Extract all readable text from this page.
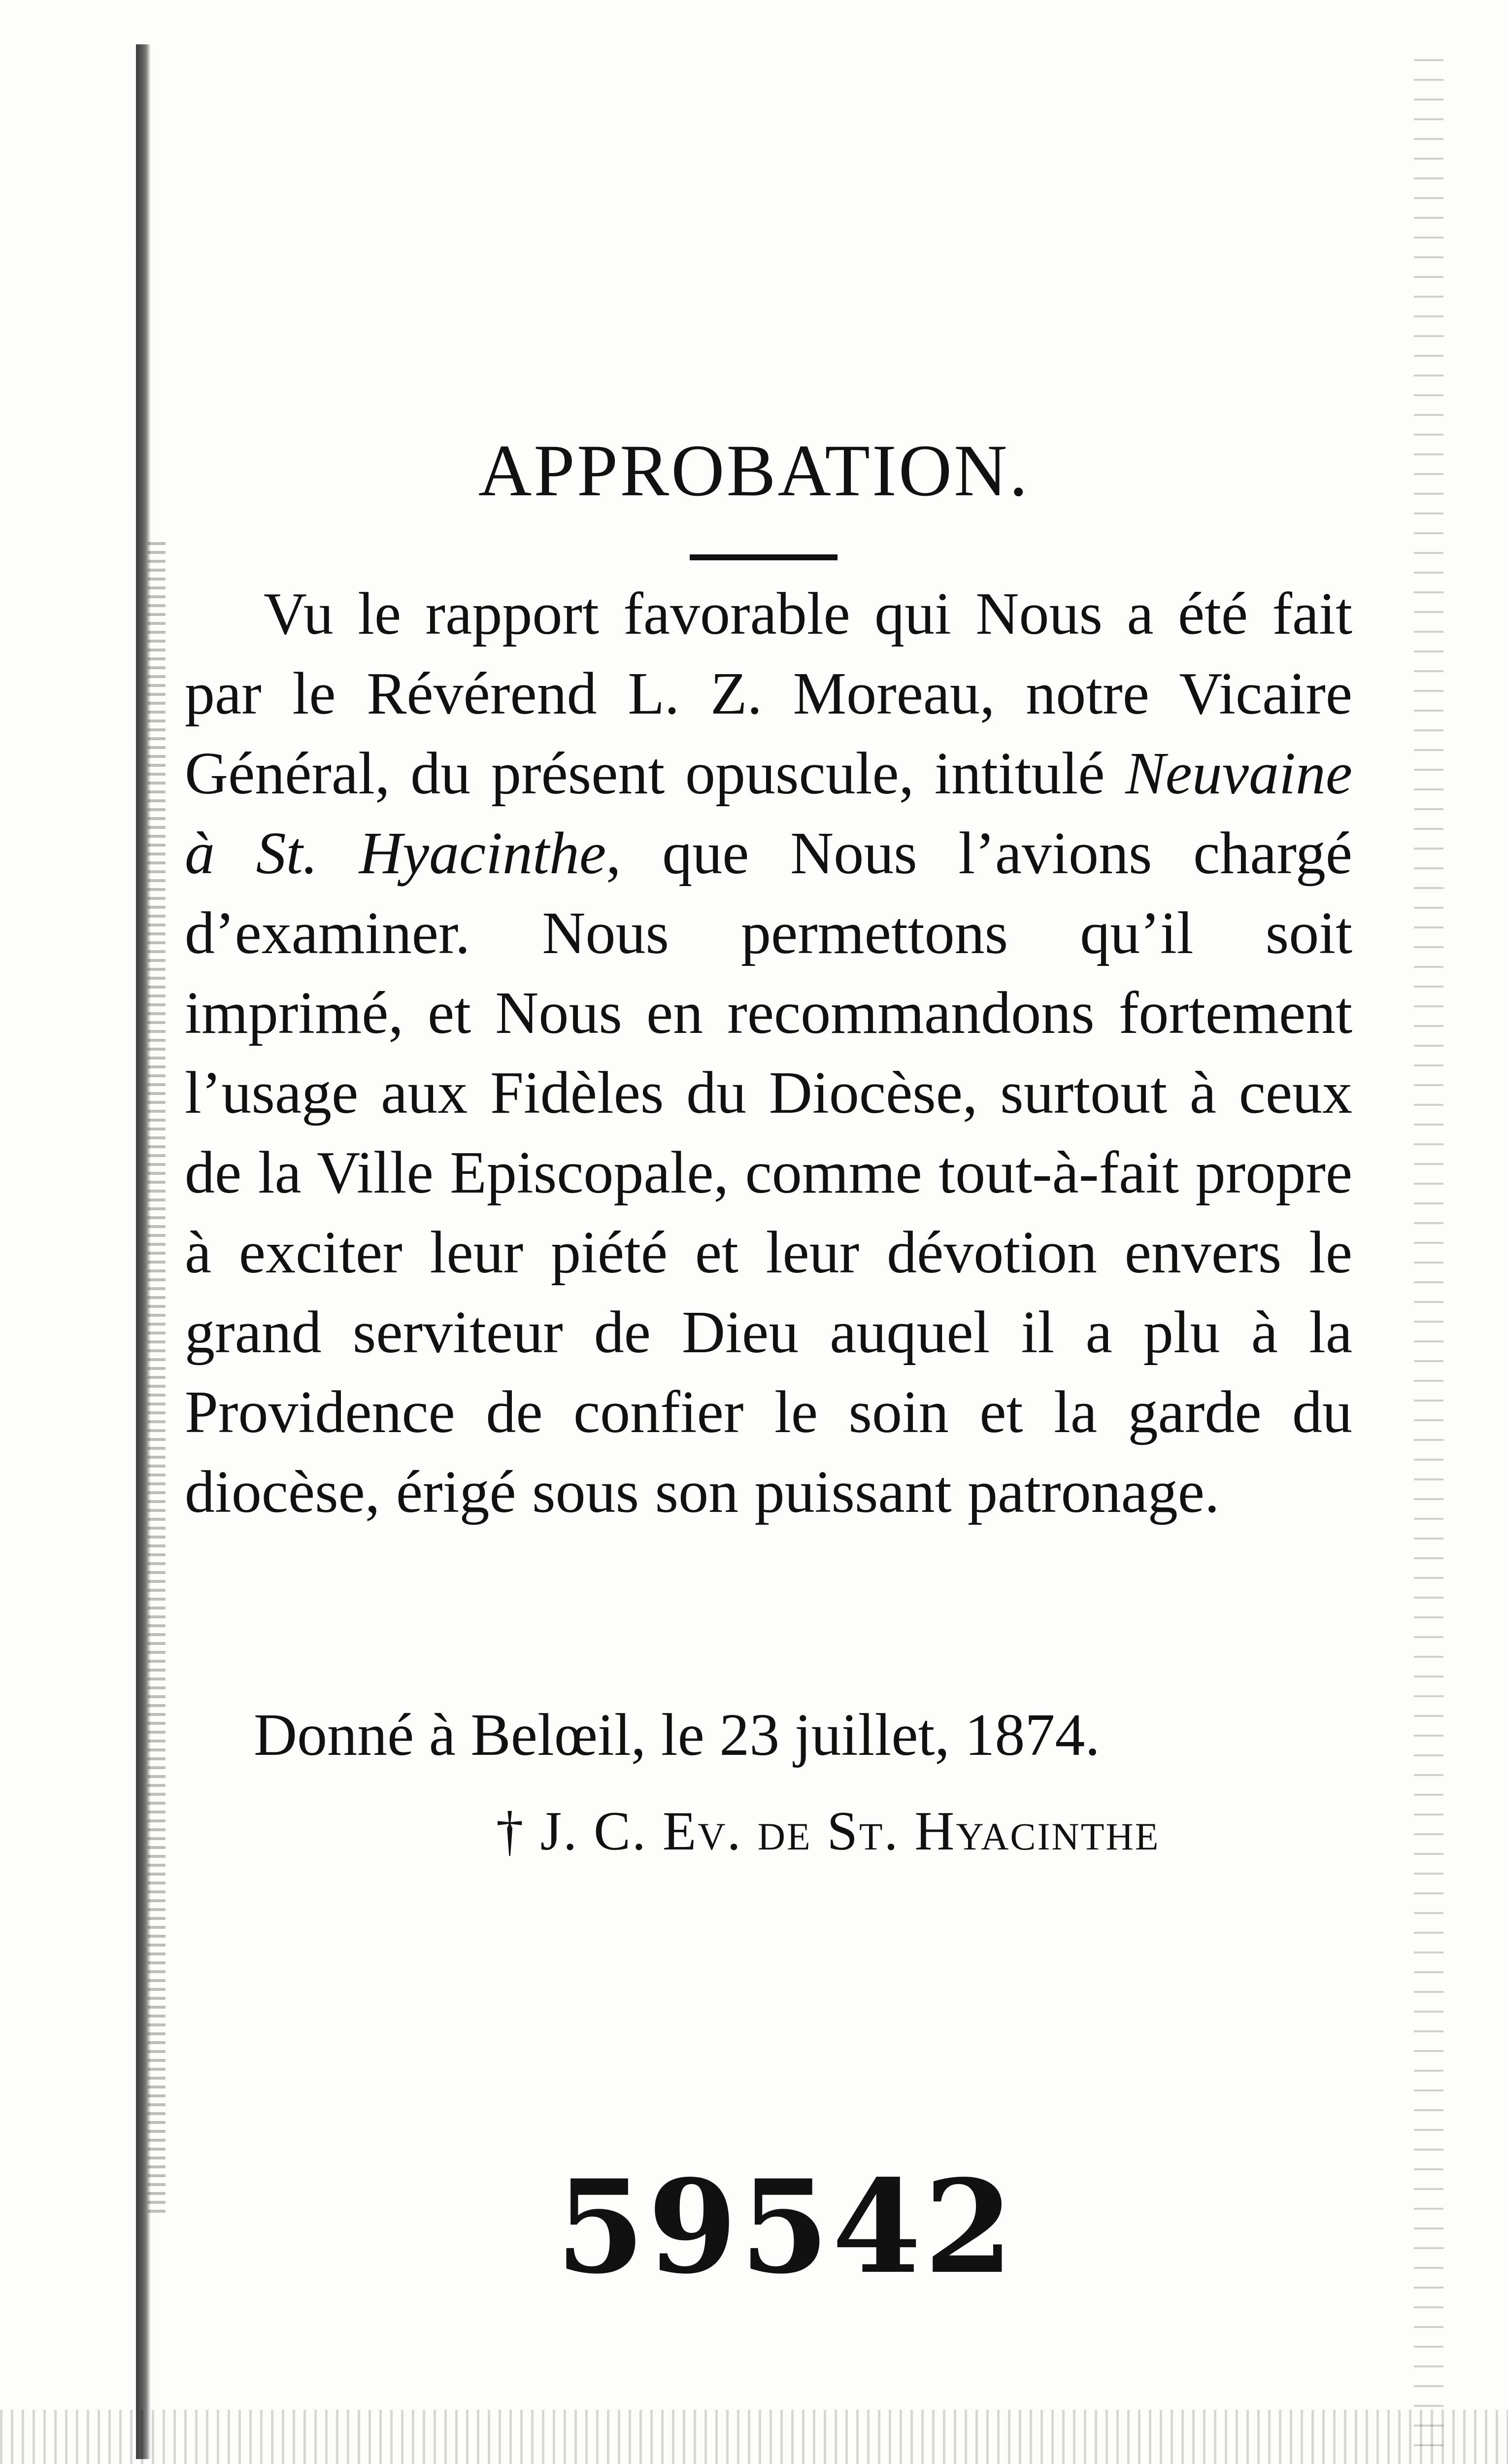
APPROBATION.

Vu le rapport favorable qui Nous a été fait par le Révérend L. Z. Moreau, notre Vicaire Général, du présent opuscule, intitulé Neuvaine à St. Hyacinthe, que Nous l’avions chargé d’examiner. Nous permettons qu’il soit imprimé, et Nous en recommandons fortement l’usage aux Fidèles du Diocèse, surtout à ceux de la Ville Episcopale, comme tout-à-fait propre à exciter leur piété et leur dévotion envers le grand serviteur de Dieu auquel il a plu à la Providence de confier le soin et la garde du diocèse, érigé sous son puissant patronage.

Donné à Belœil, le 23 juillet, 1874.

† J. C. Ev. de St. Hyacinthe
59542
